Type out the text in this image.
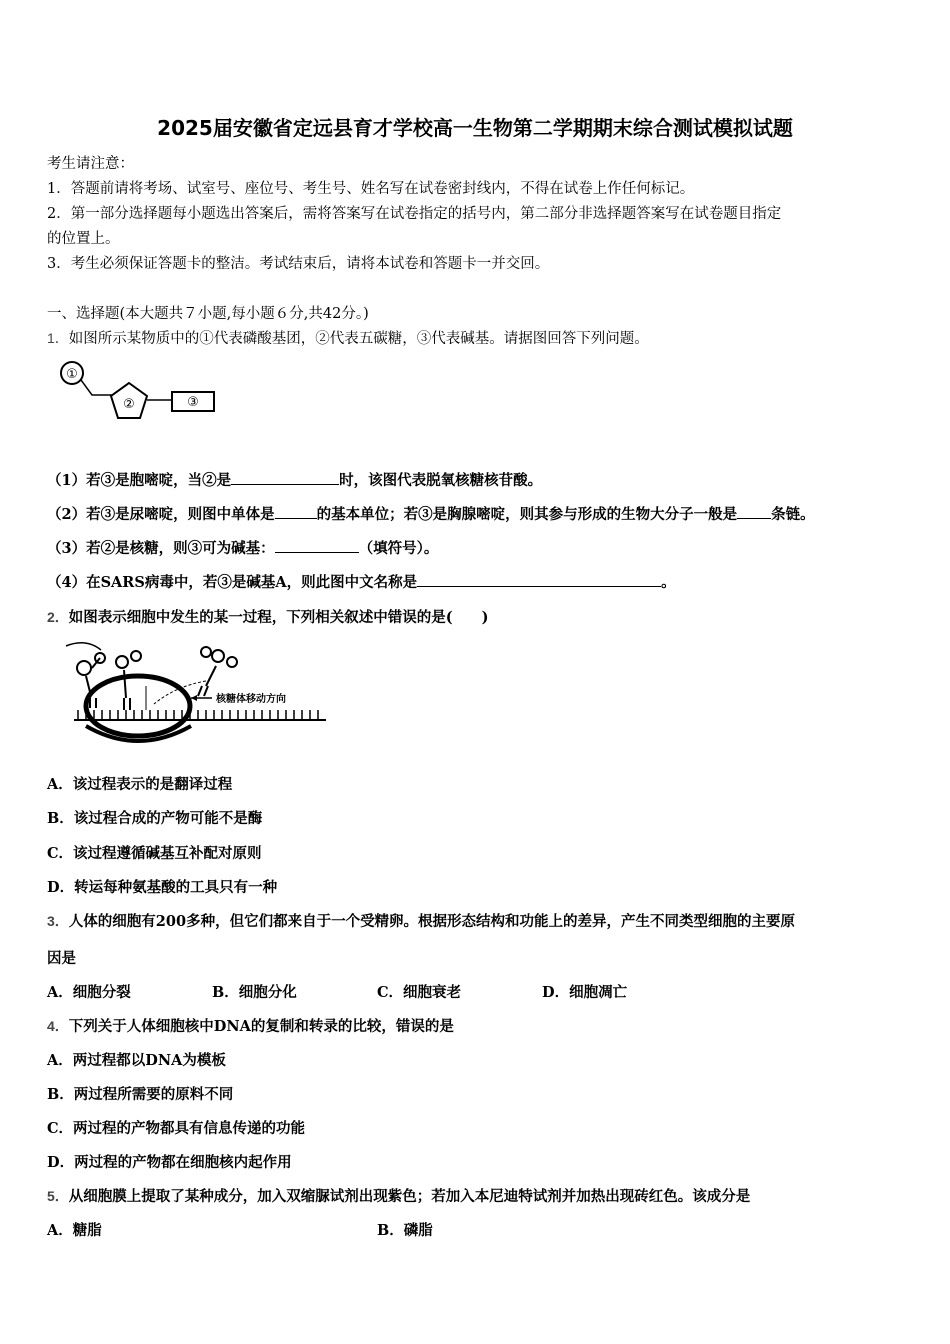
2025届安徽省定远县育才学校高一生物第二学期期末综合测试模拟试题
考生请注意：
1．答题前请将考场、试室号、座位号、考生号、姓名写在试卷密封线内，不得在试卷上作任何标记。
2．第一部分选择题每小题选出答案后，需将答案写在试卷指定的括号内，第二部分非选择题答案写在试卷题目指定
的位置上。
3．考生必须保证答题卡的整洁。考试结束后，请将本试卷和答题卡一并交回。
一、选择题(本大题共７小题,每小题６分,共42分。)
1．如图所示某物质中的①代表磷酸基团，②代表五碳糖，③代表碱基。请据图回答下列问题。
①
②	③
（1）若③是胞嘧啶，当②是	时，该图代表脱氧核糖核苷酸。
（2）若③是尿嘧啶，则图中单体是	的基本单位；若③是胸腺嘧啶，则其参与形成的生物大分子一般是 条链。
（3）若②是核糖，则③可为碱基：	（填符号）。
（4）在SARS病毒中，若③是碱基A，则此图中文名称是	。
2．如图表示细胞中发生的某一过程，下列相关叙述中错误的是(　　)
核糖体移动方向
A．该过程表示的是翻译过程
B．该过程合成的产物可能不是酶
C．该过程遵循碱基互补配对原则
D．转运每种氨基酸的工具只有一种
3．人体的细胞有200多种，但它们都来自于一个受精卵。根据形态结构和功能上的差异，产生不同类型细胞的主要原
因是
A．细胞分裂	B．细胞分化	C．细胞衰老	D．细胞凋亡
4．下列关于人体细胞核中DNA的复制和转录的比较，错误的是
A．两过程都以DNA为模板
B．两过程所需要的原料不同
C．两过程的产物都具有信息传递的功能
D．两过程的产物都在细胞核内起作用
5．从细胞膜上提取了某种成分，加入双缩脲试剂出现紫色；若加入本尼迪特试剂并加热出现砖红色。该成分是
A．糖脂	B．磷脂
